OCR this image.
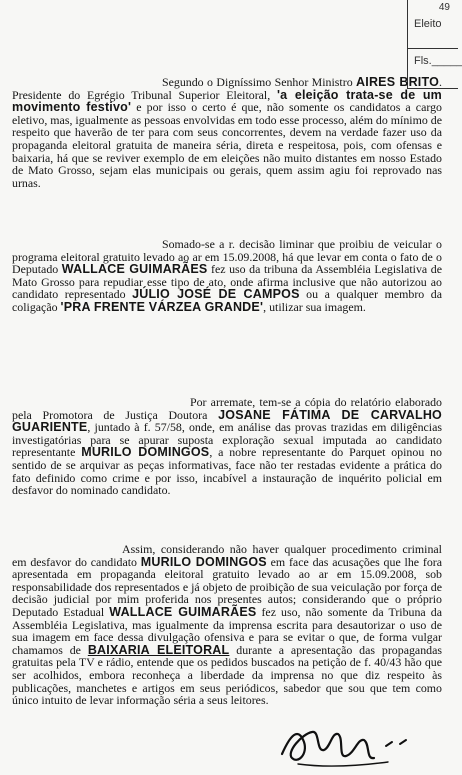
49
Eleito
Fls._____

Segundo o Digníssimo Senhor Ministro AIRES BRITO. Presidente do Egrégio Tribunal Superior Eleitoral, 'a eleição trata-se de um movimento festivo' e por isso o certo é que, não somente os candidatos a cargo eletivo, mas, igualmente as pessoas envolvidas em todo esse processo, além do mínimo de respeito que haverão de ter para com seus concorrentes, devem na verdade fazer uso da propaganda eleitoral gratuita de maneira séria, direta e respeitosa, pois, com ofensas e baixaria, há que se reviver exemplo de em eleições não muito distantes em nosso Estado de Mato Grosso, sejam elas municipais ou gerais, quem assim agiu foi reprovado nas urnas.

Somado-se a r. decisão liminar que proibiu de veicular o programa eleitoral gratuito levado ao ar em 15.09.2008, há que levar em conta o fato de o Deputado WALLACE GUIMARÃES fez uso da tribuna da Assembléia Legislativa de Mato Grosso para repudiar esse tipo de ato, onde afirma inclusive que não autorizou ao candidato representado JÚLIO JOSÉ DE CAMPOS ou a qualquer membro da coligação 'PRA FRENTE VÁRZEA GRANDE', utilizar sua imagem.

Por arremate, tem-se a cópia do relatório elaborado pela Promotora de Justiça Doutora JOSANE FÁTIMA DE CARVALHO GUARIENTE, juntado à f. 57/58, onde, em análise das provas trazidas em diligências investigatórias para se apurar suposta exploração sexual imputada ao candidato representante MURILO DOMINGOS, a nobre representante do Parquet opinou no sentido de se arquivar as peças informativas, face não ter restadas evidente a prática do fato definido como crime e por isso, incabível a instauração de inquérito policial em desfavor do nominado candidato.

Assim, considerando não haver qualquer procedimento criminal em desfavor do candidato MURILO DOMINGOS em face das acusações que lhe fora apresentada em propaganda eleitoral gratuito levado ao ar em 15.09.2008, sob responsabilidade dos representados e já objeto de proibição de sua veiculação por força de decisão judicial por mim proferida nos presentes autos; considerando que o próprio Deputado Estadual WALLACE GUIMARÃES fez uso, não somente da Tribuna da Assembléia Legislativa, mas igualmente da imprensa escrita para desautorizar o uso de sua imagem em face dessa divulgação ofensiva e para se evitar o que, de forma vulgar chamamos de BAIXARIA ELEITORAL durante a apresentação das propagandas gratuitas pela TV e rádio, entende que os pedidos buscados na petição de f. 40/43 hão que ser acolhidos, embora reconheça a liberdade da imprensa no que diz respeito às publicações, manchetes e artigos em seus periódicos, sabedor que sou que tem como único intuito de levar informação séria a seus leitores.
